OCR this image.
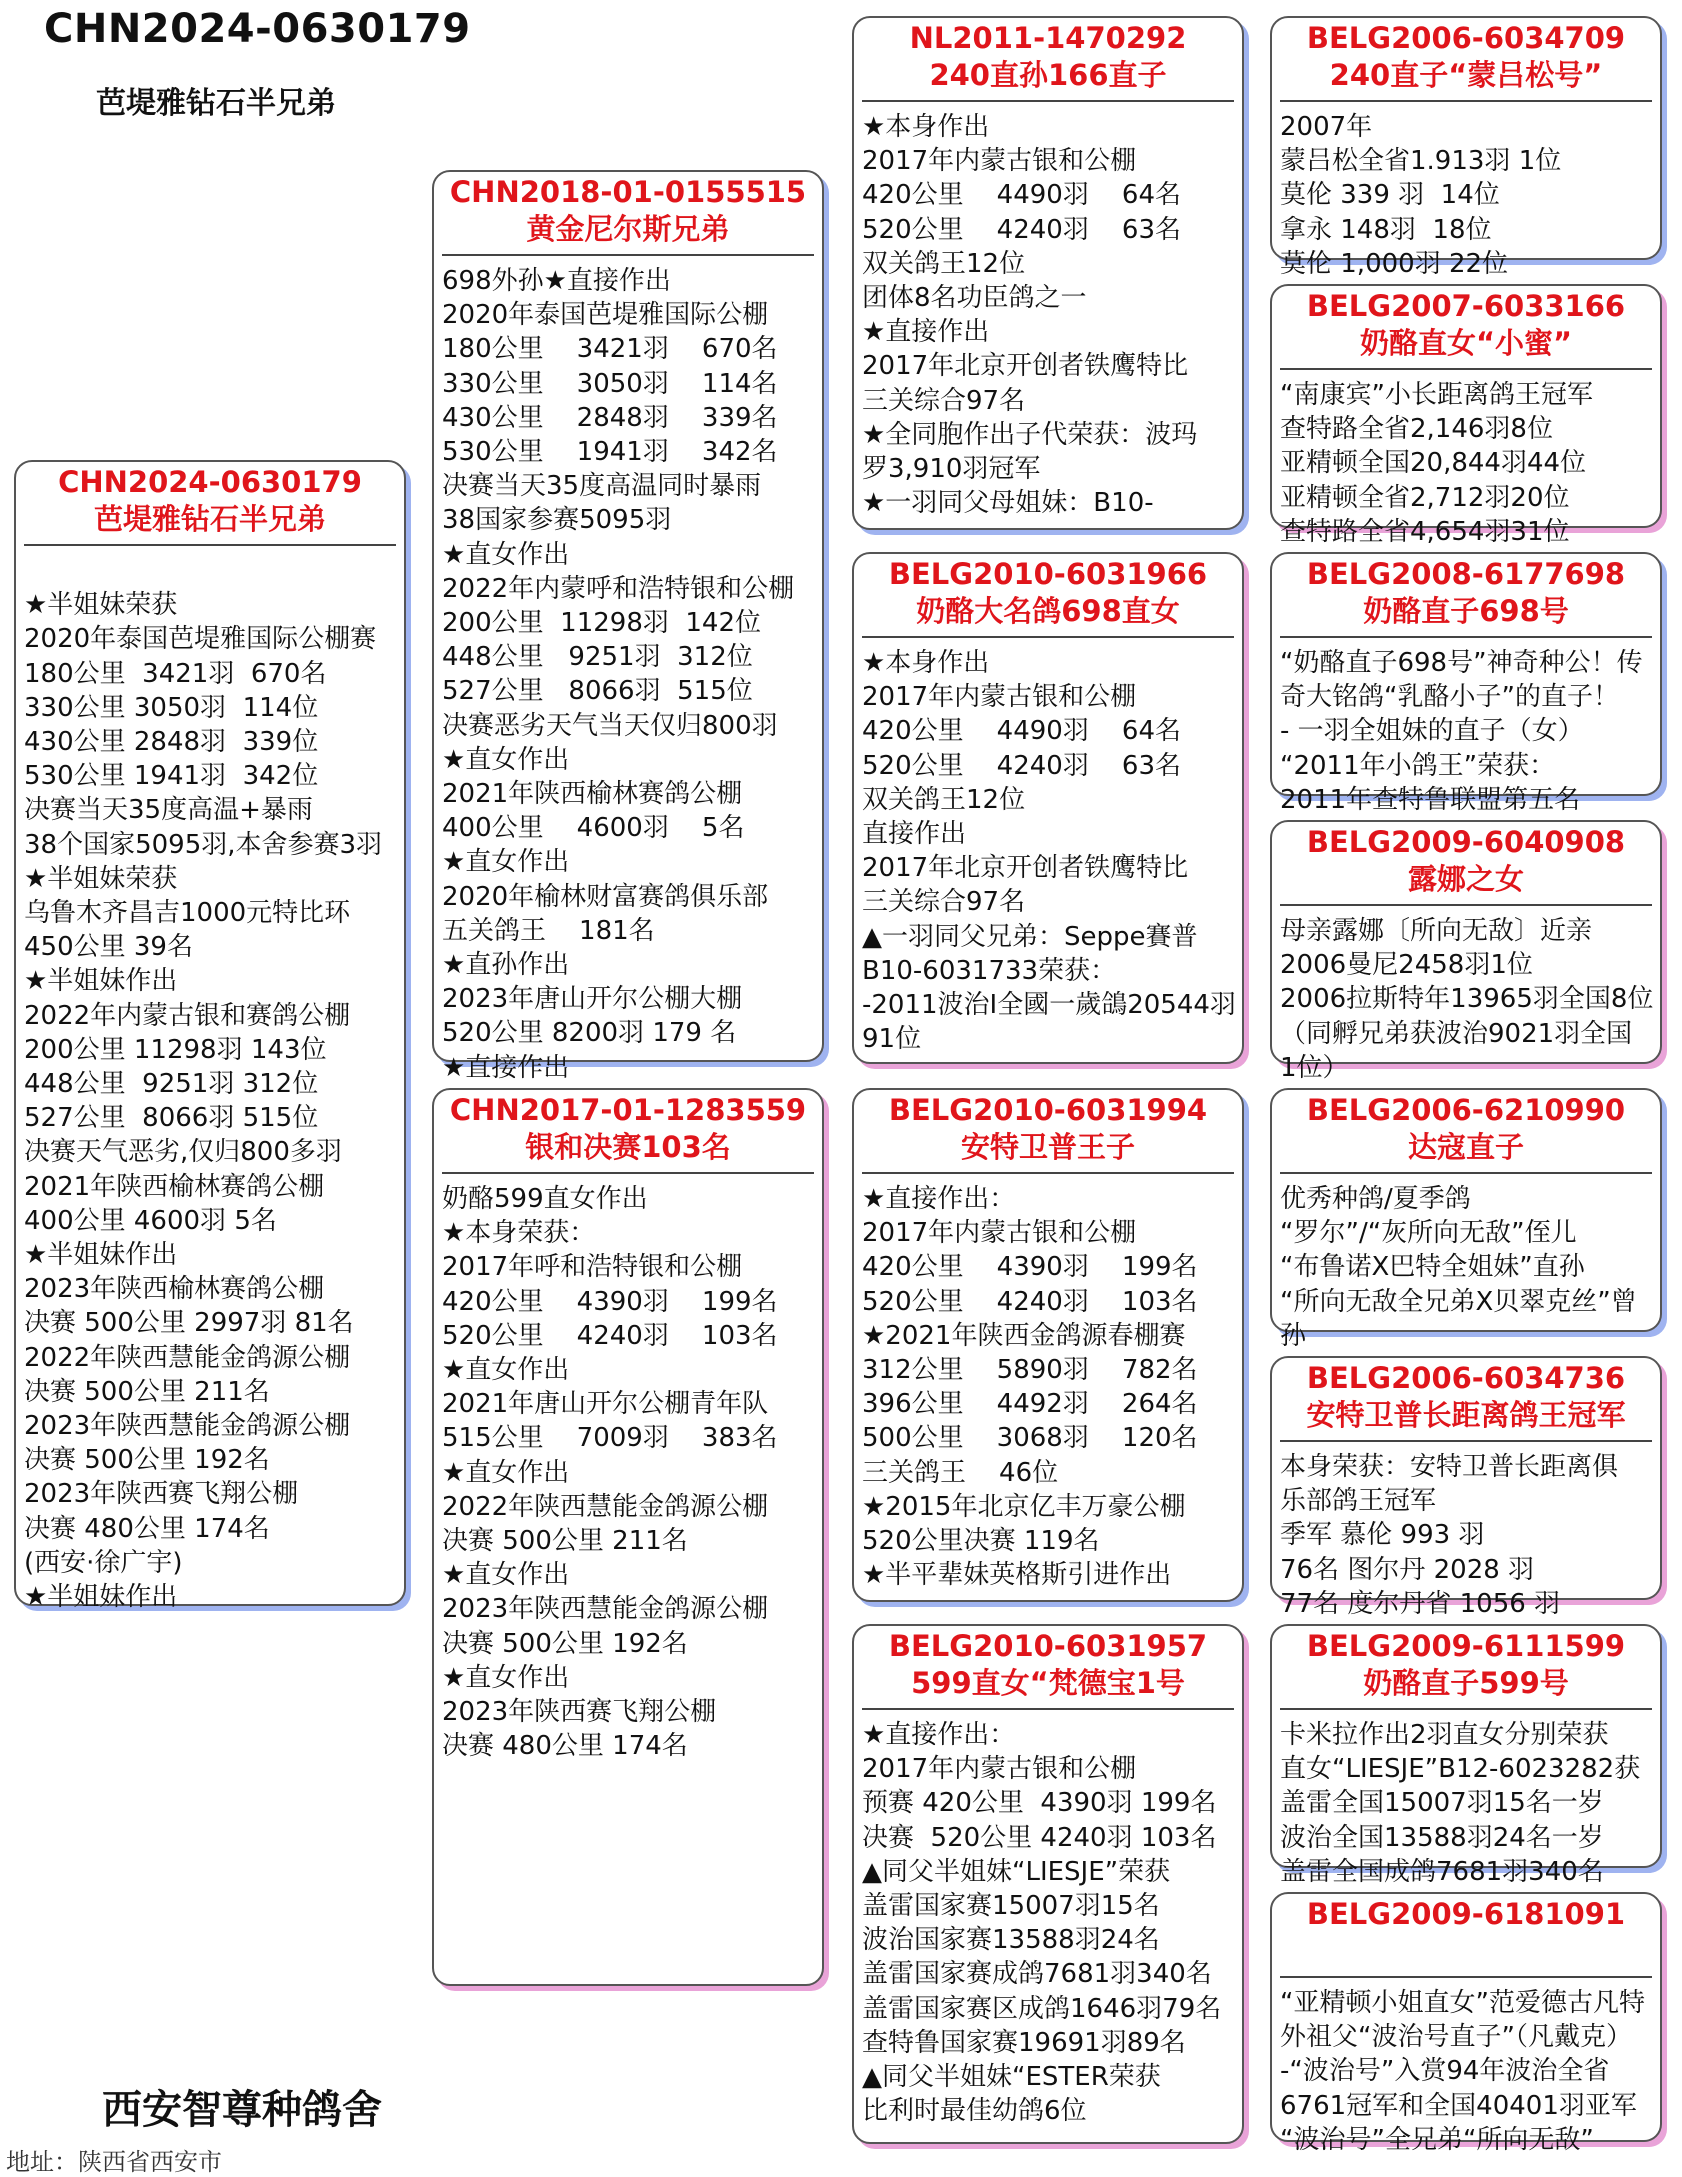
CHN2024-0630179
芭堤雅钻石半兄弟
CHN2024-0630179
芭堤雅钻石半兄弟

★半姐妹荣获
2020年泰国芭堤雅国际公棚赛
180公里  3421羽  670名
330公里 3050羽  114位
430公里 2848羽  339位
530公里 1941羽  342位
决赛当天35度高温+暴雨
38个国家5095羽,本舍参赛3羽
★半姐妹荣获
乌鲁木齐昌吉1000元特比环
450公里 39名
★半姐妹作出
2022年内蒙古银和赛鸽公棚
200公里 11298羽 143位
448公里  9251羽 312位
527公里  8066羽 515位
决赛天气恶劣,仅归800多羽
2021年陕西榆林赛鸽公棚
400公里 4600羽 5名
★半姐妹作出
2023年陕西榆林赛鸽公棚
决赛 500公里 2997羽 81名
2022年陕西慧能金鸽源公棚
决赛 500公里 211名
2023年陕西慧能金鸽源公棚
决赛 500公里 192名
2023年陕西赛飞翔公棚
决赛 480公里 174名
(西安·徐广宇)
★半姐妹作出
CHN2018-01-0155515
黄金尼尔斯兄弟
698外孙★直接作出
2020年泰国芭堤雅国际公棚
180公里    3421羽    670名
330公里    3050羽    114名
430公里    2848羽    339名
530公里    1941羽    342名
决赛当天35度高温同时暴雨
38国家参赛5095羽
★直女作出
2022年内蒙呼和浩特银和公棚
200公里  11298羽  142位
448公里   9251羽  312位
527公里   8066羽  515位
决赛恶劣天气当天仅归800羽
★直女作出
2021年陕西榆林赛鸽公棚
400公里    4600羽    5名
★直女作出
2020年榆林财富赛鸽俱乐部
五关鸽王    181名
★直孙作出
2023年唐山开尔公棚大棚
520公里 8200羽 179 名
★直接作出
CHN2017-01-1283559
银和决赛103名
奶酪599直女作出
★本身荣获：
2017年呼和浩特银和公棚
420公里    4390羽    199名
520公里    4240羽    103名
★直女作出
2021年唐山开尔公棚青年队
515公里    7009羽    383名
★直女作出
2022年陕西慧能金鸽源公棚
决赛 500公里 211名
★直女作出
2023年陕西慧能金鸽源公棚
决赛 500公里 192名
★直女作出
2023年陕西赛飞翔公棚
决赛 480公里 174名
NL2011-1470292
240直孙166直子
★本身作出
2017年内蒙古银和公棚
420公里    4490羽    64名
520公里    4240羽    63名
双关鸽王12位
团体8名功臣鸽之一
★直接作出
2017年北京开创者铁鹰特比
三关综合97名
★全同胞作出子代荣获：波玛
罗3,910羽冠军
★一羽同父母姐妹：B10-
BELG2010-6031966
奶酪大名鸽698直女
★本身作出
2017年内蒙古银和公棚
420公里    4490羽    64名
520公里    4240羽    63名
双关鸽王12位
直接作出
2017年北京开创者铁鹰特比
三关综合97名
▲一羽同父兄弟：Seppe賽普
B10-6031733荣获：
-2011波治I全國一歲鴿20544羽
91位
BELG2010-6031994
安特卫普王子
★直接作出：
2017年内蒙古银和公棚
420公里    4390羽    199名
520公里    4240羽    103名
★2021年陕西金鸽源春棚赛
312公里    5890羽    782名
396公里    4492羽    264名
500公里    3068羽    120名
三关鸽王    46位
★2015年北京亿丰万豪公棚
520公里决赛 119名
★半平辈妹英格斯引进作出
BELG2010-6031957
599直女“梵德宝1号
★直接作出：
2017年内蒙古银和公棚
预赛 420公里  4390羽 199名
决赛  520公里 4240羽 103名
▲同父半姐妹“LIESJE”荣获
盖雷国家赛15007羽15名
波治国家赛13588羽24名
盖雷国家赛成鸽7681羽340名
盖雷国家赛区成鸽1646羽79名
查特鲁国家赛19691羽89名
▲同父半姐妹“ESTER荣获
比利时最佳幼鸽6位
BELG2006-6034709
240直子“蒙吕松号”
2007年
蒙吕松全省1.913羽 1位
莫伦 339 羽  14位
拿永 148羽  18位
莫伦 1,000羽 22位
BELG2007-6033166
奶酪直女“小蜜”
“南康宾”小长距离鸽王冠军
查特路全省2,146羽8位
亚精顿全国20,844羽44位
亚精顿全省2,712羽20位
查特路全省4,654羽31位
BELG2008-6177698
奶酪直子698号
“奶酪直子698号”神奇种公！传
奇大铭鸽“乳酪小子”的直子！
- 一羽全姐妹的直子（女）
“2011年小鸽王”荣获：
2011年查特鲁联盟第五名
BELG2009-6040908
露娜之女
母亲露娜〔所向无敌〕近亲
2006曼尼2458羽1位
2006拉斯特年13965羽全国8位
（同孵兄弟获波治9021羽全国
1位）
BELG2006-6210990
达寇直子
优秀种鸽/夏季鸽
“罗尔”/“灰所向无敌”侄儿
“布鲁诺X巴特全姐妹”直孙
“所向无敌全兄弟X贝翠克丝”曾
孙
BELG2006-6034736
安特卫普长距离鸽王冠军
本身荣获：安特卫普长距离俱
乐部鸽王冠军
季军 慕伦 993 羽
76名 图尔丹 2028 羽
77名 度尔丹省 1056 羽
BELG2009-6111599
奶酪直子599号
卡米拉作出2羽直女分别荣获
直女“LIESJE”B12-6023282获
盖雷全国15007羽15名一岁
波治全国13588羽24名一岁
盖雷全国成鸽7681羽340名
BELG2009-6181091

“亚精顿小姐直女”范爱德古凡特
外祖父“波治号直子”（凡戴克）
-“波治号”入赏94年波治全省
6761冠军和全国40401羽亚军
“波治号”全兄弟“所向无敌”
西安智尊种鸽舍
地址：陕西省西安市
